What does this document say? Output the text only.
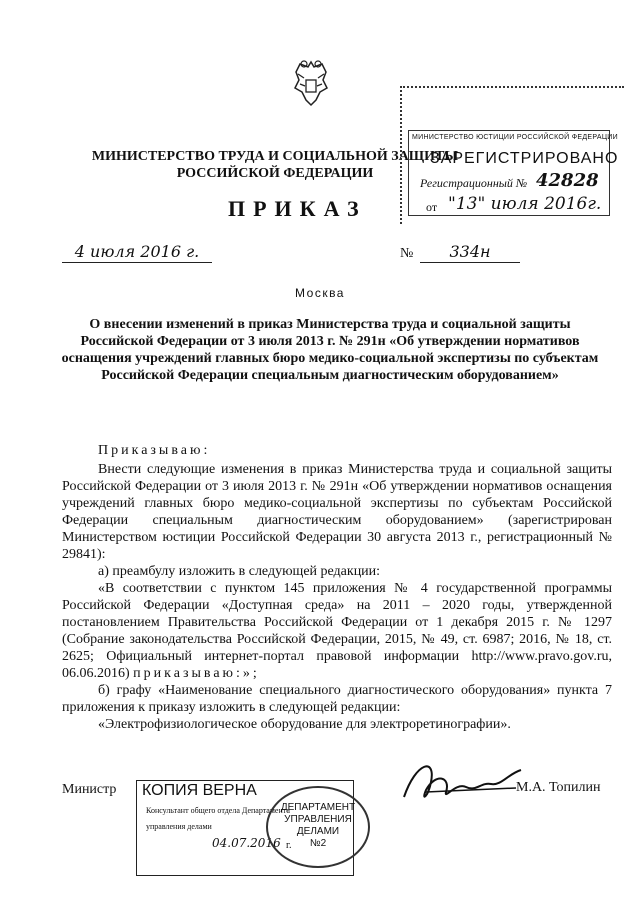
МИНИСТЕРСТВО ТРУДА И СОЦИАЛЬНОЙ ЗАЩИТЫ
РОССИЙСКОЙ ФЕДЕРАЦИИ
МИНИСТЕРСТВО ЮСТИЦИИ РОССИЙСКОЙ ФЕДЕРАЦИИ
ЗАРЕГИСТРИРОВАНО
Регистрационный № 42828
от "13" июля 2016г.
ПРИКАЗ
4 июля 2016 г.	№	334н
Москва
О внесении изменений в приказ Министерства труда и социальной защиты Российской Федерации от 3 июля 2013 г. № 291н «Об утверждении нормативов оснащения учреждений главных бюро медико-социальной экспертизы по субъектам Российской Федерации специальным диагностическим оборудованием»

Приказываю:

Внести следующие изменения в приказ Министерства труда и социальной защиты Российской Федерации от 3 июля 2013 г. № 291н «Об утверждении нормативов оснащения учреждений главных бюро медико-социальной экспертизы по субъектам Российской Федерации специальным диагностическим оборудованием» (зарегистрирован Министерством юстиции Российской Федерации 30 августа 2013 г., регистрационный № 29841):

а) преамбулу изложить в следующей редакции:

«В соответствии с пунктом 145 приложения № 4 государственной программы Российской Федерации «Доступная среда» на 2011 – 2020 годы, утвержденной постановлением Правительства Российской Федерации от 1 декабря 2015 г. № 1297 (Собрание законодательства Российской Федерации, 2015, № 49, ст. 6987; 2016, № 18, ст. 2625; Официальный интернет-портал правовой информации http://www.pravo.gov.ru, 06.06.2016) приказываю:»;

б) графу «Наименование специального диагностического оборудования» пункта 7 приложения к приказу изложить в следующей редакции:

«Электрофизиологическое оборудование для электроретинографии».

Министр	М.А. Топилин
КОПИЯ ВЕРНА
Консультант общего отдела Департамента
управления делами
04.07.2016 г.
ДЕПАРТАМЕНТ
УПРАВЛЕНИЯ
ДЕЛАМИ
№2
